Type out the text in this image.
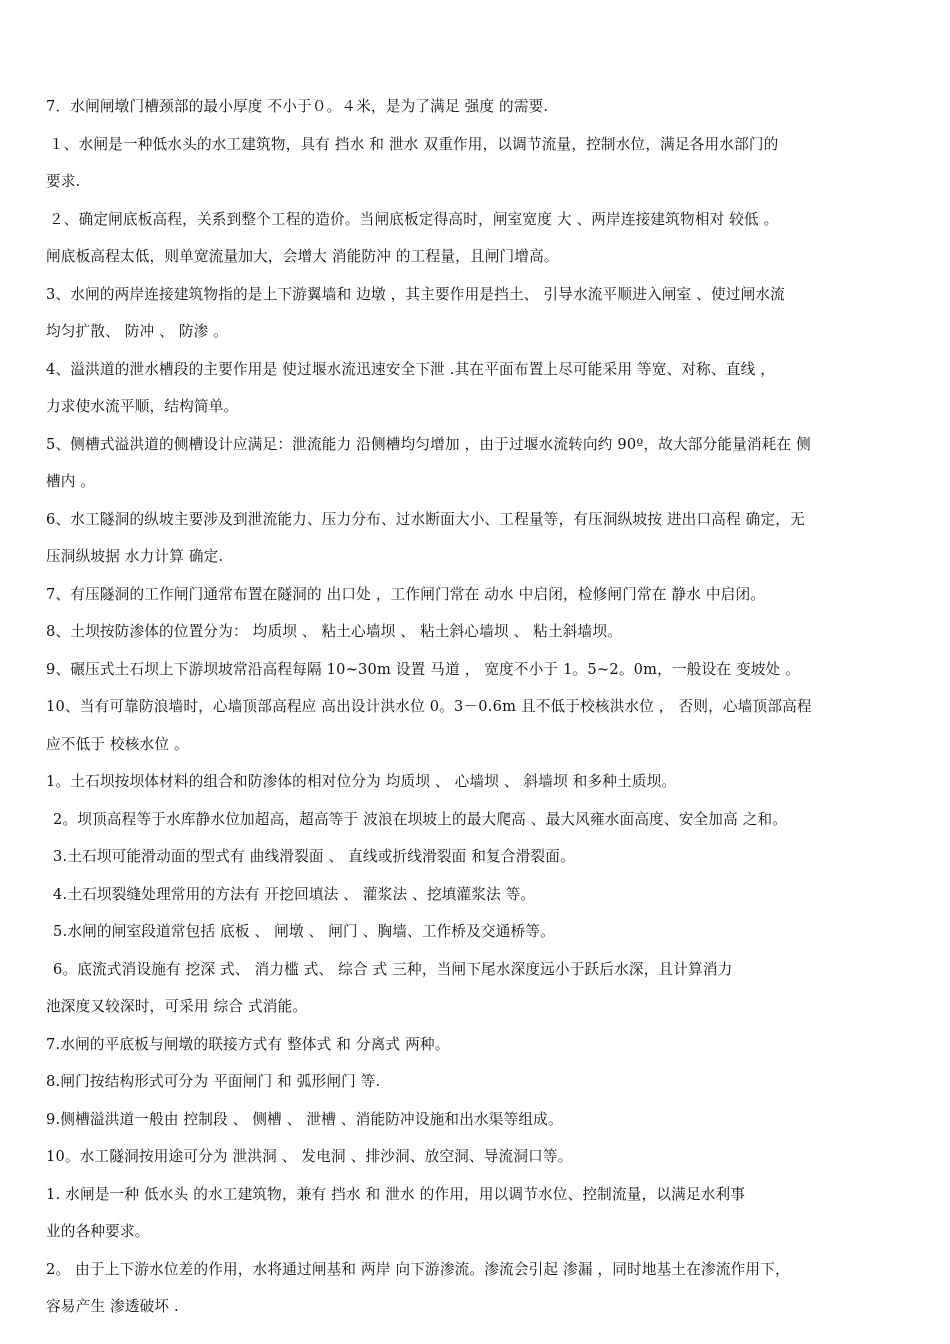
7．水闸闸墩门槽颈部的最小厚度 不小于０。４米，是为了满足 强度 的需要.

１、水闸是一种低水头的水工建筑物，具有 挡水 和 泄水 双重作用，以调节流量，控制水位，满足各用水部门的
要求.

２、确定闸底板高程，关系到整个工程的造价。当闸底板定得高时，闸室宽度 大 、两岸连接建筑物相对 较低 。
闸底板高程太低，则单宽流量加大，会增大 消能防冲 的工程量，且闸门增高。

3、水闸的两岸连接建筑物指的是上下游翼墙和 边墩 ，其主要作用是挡土、 引导水流平顺进入闸室 、使过闸水流
均匀扩散、 防冲 、 防渗 。

4、溢洪道的泄水槽段的主要作用是 使过堰水流迅速安全下泄 .其在平面布置上尽可能采用 等宽、对称、直线 ，
力求使水流平顺，结构简单。

5、侧槽式溢洪道的侧槽设计应满足：泄流能力 沿侧槽均匀增加 ，由于过堰水流转向约 90º，故大部分能量消耗在 侧
槽内 。

6、水工隧洞的纵坡主要涉及到泄流能力、压力分布、过水断面大小、工程量等，有压洞纵坡按 进出口高程 确定，无
压洞纵坡据 水力计算 确定.

7、有压隧洞的工作闸门通常布置在隧洞的 出口处 ，工作闸门常在 动水 中启闭，检修闸门常在 静水 中启闭。

8、土坝按防渗体的位置分为： 均质坝 、 粘土心墙坝 、 粘土斜心墙坝 、 粘土斜墙坝。

9、碾压式土石坝上下游坝坡常沿高程每隔 10~30m 设置 马道 ， 宽度不小于 1。5~2。0m，一般设在 变坡处 。

10、当有可靠防浪墙时，心墙顶部高程应 高出设计洪水位 0。3－0.6m 且不低于校核洪水位 ， 否则，心墙顶部高程
应不低于 校核水位 。

1。土石坝按坝体材料的组合和防渗体的相对位分为 均质坝 、 心墙坝 、 斜墙坝 和多种土质坝。

2。坝顶高程等于水库静水位加超高，超高等于 波浪在坝坡上的最大爬高 、最大风雍水面高度、安全加高 之和。

3.土石坝可能滑动面的型式有 曲线滑裂面 、 直线或折线滑裂面 和复合滑裂面。

4.土石坝裂缝处理常用的方法有 开挖回填法 、 灌浆法 、挖填灌浆法 等。

5.水闸的闸室段道常包括 底板 、 闸墩 、 闸门 、胸墙、工作桥及交通桥等。

6。底流式消设施有 挖深 式、 消力槛 式、 综合 式 三种，当闸下尾水深度远小于跃后水深，且计算消力
池深度又较深时，可采用 综合 式消能。

7.水闸的平底板与闸墩的联接方式有 整体式 和 分离式 两种。

8.闸门按结构形式可分为 平面闸门 和 弧形闸门 等.

9.侧槽溢洪道一般由 控制段 、 侧槽 、 泄槽 、消能防冲设施和出水渠等组成。

10。水工隧洞按用途可分为 泄洪洞 、 发电洞 、排沙洞、放空洞、导流洞口等。

1. 水闸是一种 低水头 的水工建筑物，兼有 挡水 和 泄水 的作用，用以调节水位、控制流量，以满足水利事
业的各种要求。

2。 由于上下游水位差的作用，水将通过闸基和 两岸 向下游渗流。渗流会引起 渗漏 ，同时地基土在渗流作用下，
容易产生 渗透破坏 .
